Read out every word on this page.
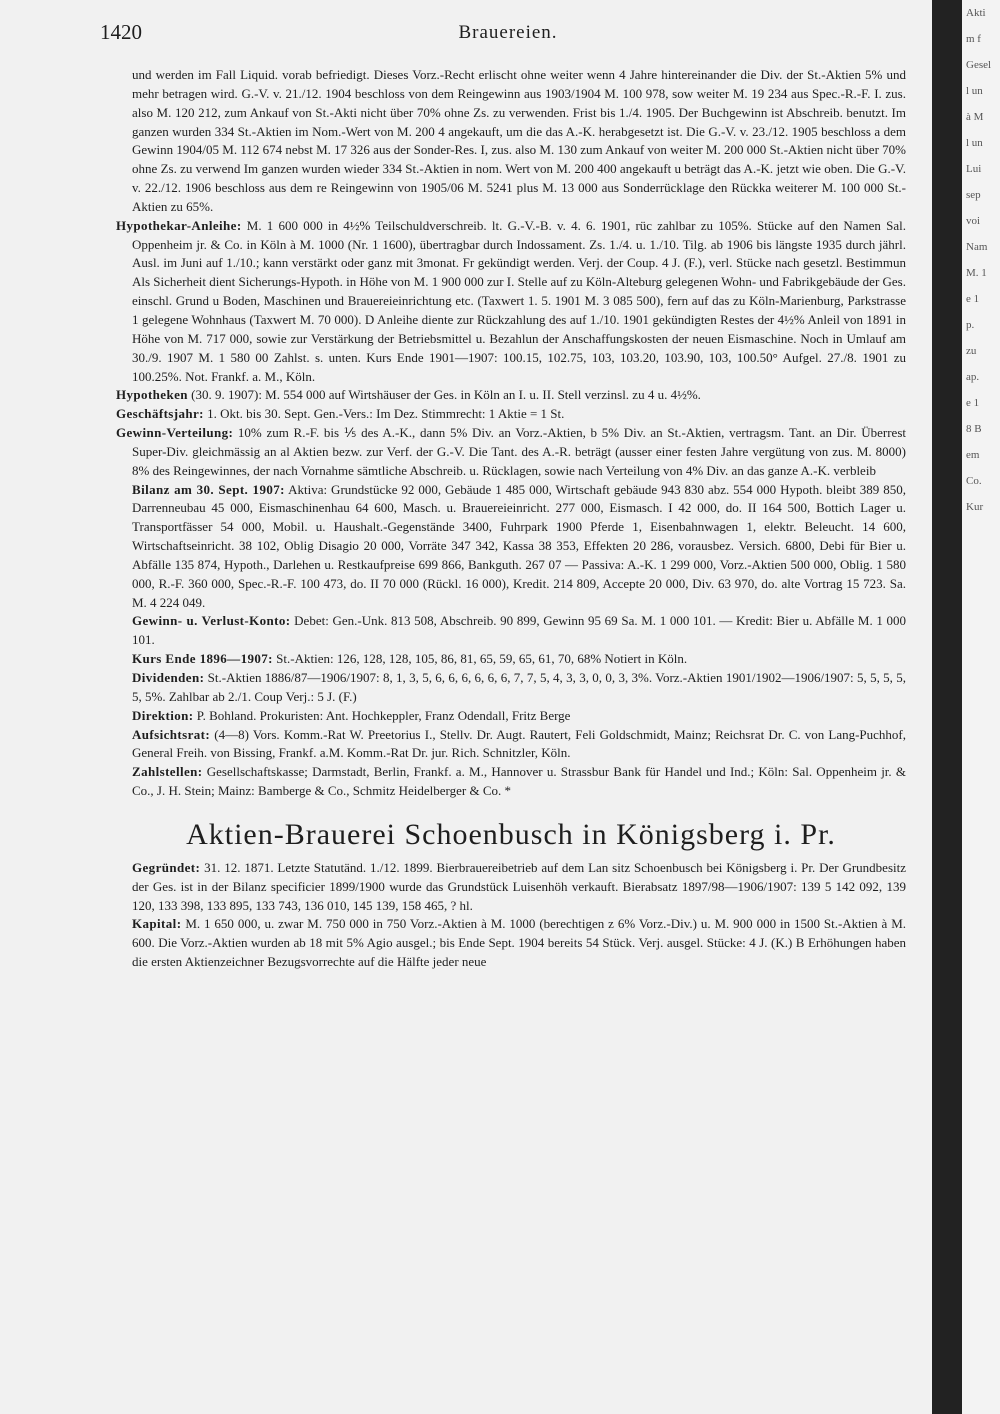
1420	Brauereien.

und werden im Fall Liquid. vorab befriedigt. Dieses Vorz.-Recht erlischt ohne weiter wenn 4 Jahre hintereinander die Div. der St.-Aktien 5% und mehr betragen wird. G.-V. v. 21./12. 1904 beschloss von dem Reingewinn aus 1903/1904 M. 100 978, sow weiter M. 19 234 aus Spec.-R.-F. I. zus. also M. 120 212, zum Ankauf von St.-Akti nicht über 70% ohne Zs. zu verwenden. Frist bis 1./4. 1905. Der Buchgewinn ist Abschreib. benutzt. Im ganzen wurden 334 St.-Aktien im Nom.-Wert von M. 200 4 angekauft, um die das A.-K. herabgesetzt ist. Die G.-V. v. 23./12. 1905 beschloss a dem Gewinn 1904/05 M. 112 674 nebst M. 17 326 aus der Sonder-Res. I, zus. also M. 130 zum Ankauf von weiter M. 200 000 St.-Aktien nicht über 70% ohne Zs. zu verwend Im ganzen wurden wieder 334 St.-Aktien in nom. Wert von M. 200 400 angekauft u beträgt das A.-K. jetzt wie oben. Die G.-V. v. 22./12. 1906 beschloss aus dem re Reingewinn von 1905/06 M. 5241 plus M. 13 000 aus Sonderrücklage den Rückka weiterer M. 100 000 St.-Aktien zu 65%.

Hypothekar-Anleihe: M. 1 600 000 in 4½% Teilschuldverschreib. lt. G.-V.-B. v. 4. 6. 1901, rüc zahlbar zu 105%. Stücke auf den Namen Sal. Oppenheim jr. & Co. in Köln à M. 1000 (Nr. 1 1600), übertragbar durch Indossament. Zs. 1./4. u. 1./10. Tilg. ab 1906 bis längste 1935 durch jährl. Ausl. im Juni auf 1./10.; kann verstärkt oder ganz mit 3monat. Fr gekündigt werden. Verj. der Coup. 4 J. (F.), verl. Stücke nach gesetzl. Bestimmun Als Sicherheit dient Sicherungs-Hypoth. in Höhe von M. 1 900 000 zur I. Stelle auf zu Köln-Alteburg gelegenen Wohn- und Fabrikgebäude der Ges. einschl. Grund u Boden, Maschinen und Brauereieinrichtung etc. (Taxwert 1. 5. 1901 M. 3 085 500), fern auf das zu Köln-Marienburg, Parkstrasse 1 gelegene Wohnhaus (Taxwert M. 70 000). D Anleihe diente zur Rückzahlung des auf 1./10. 1901 gekündigten Restes der 4½% Anleil von 1891 in Höhe von M. 717 000, sowie zur Verstärkung der Betriebsmittel u. Bezahlun der Anschaffungskosten der neuen Eismaschine. Noch in Umlauf am 30./9. 1907 M. 1 580 00 Zahlst. s. unten. Kurs Ende 1901—1907: 100.15, 102.75, 103, 103.20, 103.90, 103, 100.50° Aufgel. 27./8. 1901 zu 100.25%. Not. Frankf. a. M., Köln.

Hypotheken (30. 9. 1907): M. 554 000 auf Wirtshäuser der Ges. in Köln an I. u. II. Stell verzinsl. zu 4 u. 4½%.

Geschäftsjahr: 1. Okt. bis 30. Sept. Gen.-Vers.: Im Dez. Stimmrecht: 1 Aktie = 1 St.

Gewinn-Verteilung: 10% zum R.-F. bis ⅕ des A.-K., dann 5% Div. an Vorz.-Aktien, b 5% Div. an St.-Aktien, vertragsm. Tant. an Dir. Überrest Super-Div. gleichmässig an al Aktien bezw. zur Verf. der G.-V. Die Tant. des A.-R. beträgt (ausser einer festen Jahre vergütung von zus. M. 8000) 8% des Reingewinnes, der nach Vornahme sämtliche Abschreib. u. Rücklagen, sowie nach Verteilung von 4% Div. an das ganze A.-K. verbleib

Bilanz am 30. Sept. 1907: Aktiva: Grundstücke 92 000, Gebäude 1 485 000, Wirtschaft gebäude 943 830 abz. 554 000 Hypoth. bleibt 389 850, Darrenneubau 45 000, Eismaschinenhau 64 600, Masch. u. Brauereieinricht. 277 000, Eismasch. I 42 000, do. II 164 500, Bottich Lager u. Transportfässer 54 000, Mobil. u. Haushalt.-Gegenstände 3400, Fuhrpark 1900 Pferde 1, Eisenbahnwagen 1, elektr. Beleucht. 14 600, Wirtschaftseinricht. 38 102, Oblig Disagio 20 000, Vorräte 347 342, Kassa 38 353, Effekten 20 286, vorausbez. Versich. 6800, Debi für Bier u. Abfälle 135 874, Hypoth., Darlehen u. Restkaufpreise 699 866, Bankguth. 267 07 — Passiva: A.-K. 1 299 000, Vorz.-Aktien 500 000, Oblig. 1 580 000, R.-F. 360 000, Spec.-R.-F. 100 473, do. II 70 000 (Rückl. 16 000), Kredit. 214 809, Accepte 20 000, Div. 63 970, do. alte Vortrag 15 723. Sa. M. 4 224 049.

Gewinn- u. Verlust-Konto: Debet: Gen.-Unk. 813 508, Abschreib. 90 899, Gewinn 95 69 Sa. M. 1 000 101. — Kredit: Bier u. Abfälle M. 1 000 101.

Kurs Ende 1896—1907: St.-Aktien: 126, 128, 128, 105, 86, 81, 65, 59, 65, 61, 70, 68% Notiert in Köln.

Dividenden: St.-Aktien 1886/87—1906/1907: 8, 1, 3, 5, 6, 6, 6, 6, 6, 6, 7, 7, 5, 4, 3, 3, 0, 0, 3, 3%. Vorz.-Aktien 1901/1902—1906/1907: 5, 5, 5, 5, 5, 5%. Zahlbar ab 2./1. Coup Verj.: 5 J. (F.)

Direktion: P. Bohland. Prokuristen: Ant. Hochkeppler, Franz Odendall, Fritz Berge

Aufsichtsrat: (4—8) Vors. Komm.-Rat W. Preetorius I., Stellv. Dr. Augt. Rautert, Feli Goldschmidt, Mainz; Reichsrat Dr. C. von Lang-Puchhof, General Freih. von Bissing, Frankf. a.M. Komm.-Rat Dr. jur. Rich. Schnitzler, Köln.

Zahlstellen: Gesellschaftskasse; Darmstadt, Berlin, Frankf. a. M., Hannover u. Strassbur Bank für Handel und Ind.; Köln: Sal. Oppenheim jr. & Co., J. H. Stein; Mainz: Bamberge & Co., Schmitz Heidelberger & Co. *

Aktien-Brauerei Schoenbusch in Königsberg i. Pr.

Gegründet: 31. 12. 1871. Letzte Statutänd. 1./12. 1899. Bierbrauereibetrieb auf dem Lan sitz Schoenbusch bei Königsberg i. Pr. Der Grundbesitz der Ges. ist in der Bilanz specificier 1899/1900 wurde das Grundstück Luisenhöh verkauft. Bierabsatz 1897/98—1906/1907: 139 5 142 092, 139 120, 133 398, 133 895, 133 743, 136 010, 145 139, 158 465, ? hl.

Kapital: M. 1 650 000, u. zwar M. 750 000 in 750 Vorz.-Aktien à M. 1000 (berechtigen z 6% Vorz.-Div.) u. M. 900 000 in 1500 St.-Aktien à M. 600. Die Vorz.-Aktien wurden ab 18 mit 5% Agio ausgel.; bis Ende Sept. 1904 bereits 54 Stück. Verj. ausgel. Stücke: 4 J. (K.) B Erhöhungen haben die ersten Aktienzeichner Bezugsvorrechte auf die Hälfte jeder neue

Akti
m f
Gesel
l un
à M
l un
Lui
sep
voi
Nam
M. 1
e 1
p.
zu
ap.
e 1
8 B
em
Co.
Kur
